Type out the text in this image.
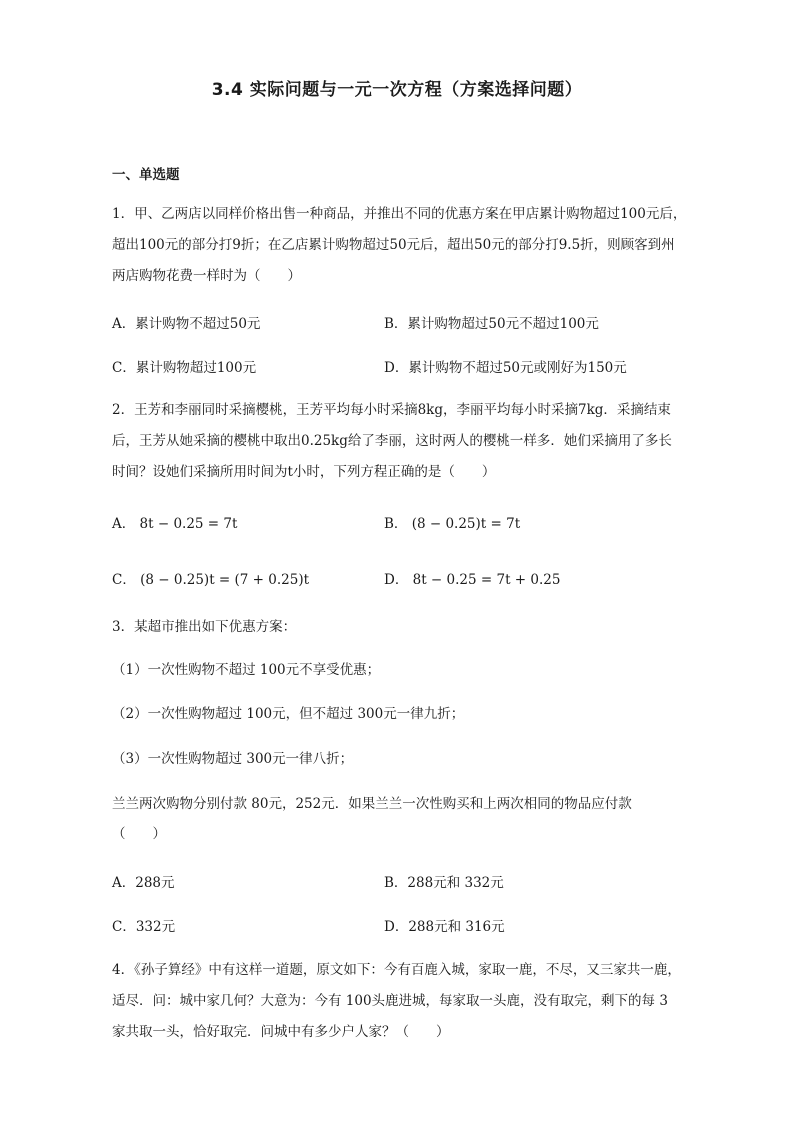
3.4 实际问题与一元一次方程（方案选择问题）
一、单选题
1．甲、乙两店以同样价格出售一种商品，并推出不同的优惠方案在甲店累计购物超过100元后，
超出100元的部分打9折；在乙店累计购物超过50元后，超出50元的部分打9.5折，则顾客到州
两店购物花费一样时为（　　）
A．累计购物不超过50元	B．累计购物超过50元不超过100元
C．累计购物超过100元	D．累计购物不超过50元或刚好为150元
2．王芳和李丽同时采摘樱桃，王芳平均每小时采摘8kg，李丽平均每小时采摘7kg．采摘结束
后，王芳从她采摘的樱桃中取出0.25kg给了李丽，这时两人的樱桃一样多．她们采摘用了多长
时间？设她们采摘所用时间为t小时，下列方程正确的是（　　）
A． 8t − 0.25 = 7t	B． (8 − 0.25)t = 7t
C． (8 − 0.25)t = (7 + 0.25)t	D． 8t − 0.25 = 7t + 0.25
3．某超市推出如下优惠方案：
（1）一次性购物不超过 100元不享受优惠；
（2）一次性购物超过 100元，但不超过 300元一律九折；
（3）一次性购物超过 300元一律八折；
兰兰两次购物分别付款 80元，252元．如果兰兰一次性购买和上两次相同的物品应付款
（　　）
A．288元	B．288元和 332元
C．332元	D．288元和 316元
4．《孙子算经》中有这样一道题，原文如下：今有百鹿入城，家取一鹿，不尽，又三家共一鹿，
适尽．问：城中家几何？大意为：今有 100头鹿进城，每家取一头鹿，没有取完，剩下的每 3
家共取一头，恰好取完．问城中有多少户人家？（　　）
